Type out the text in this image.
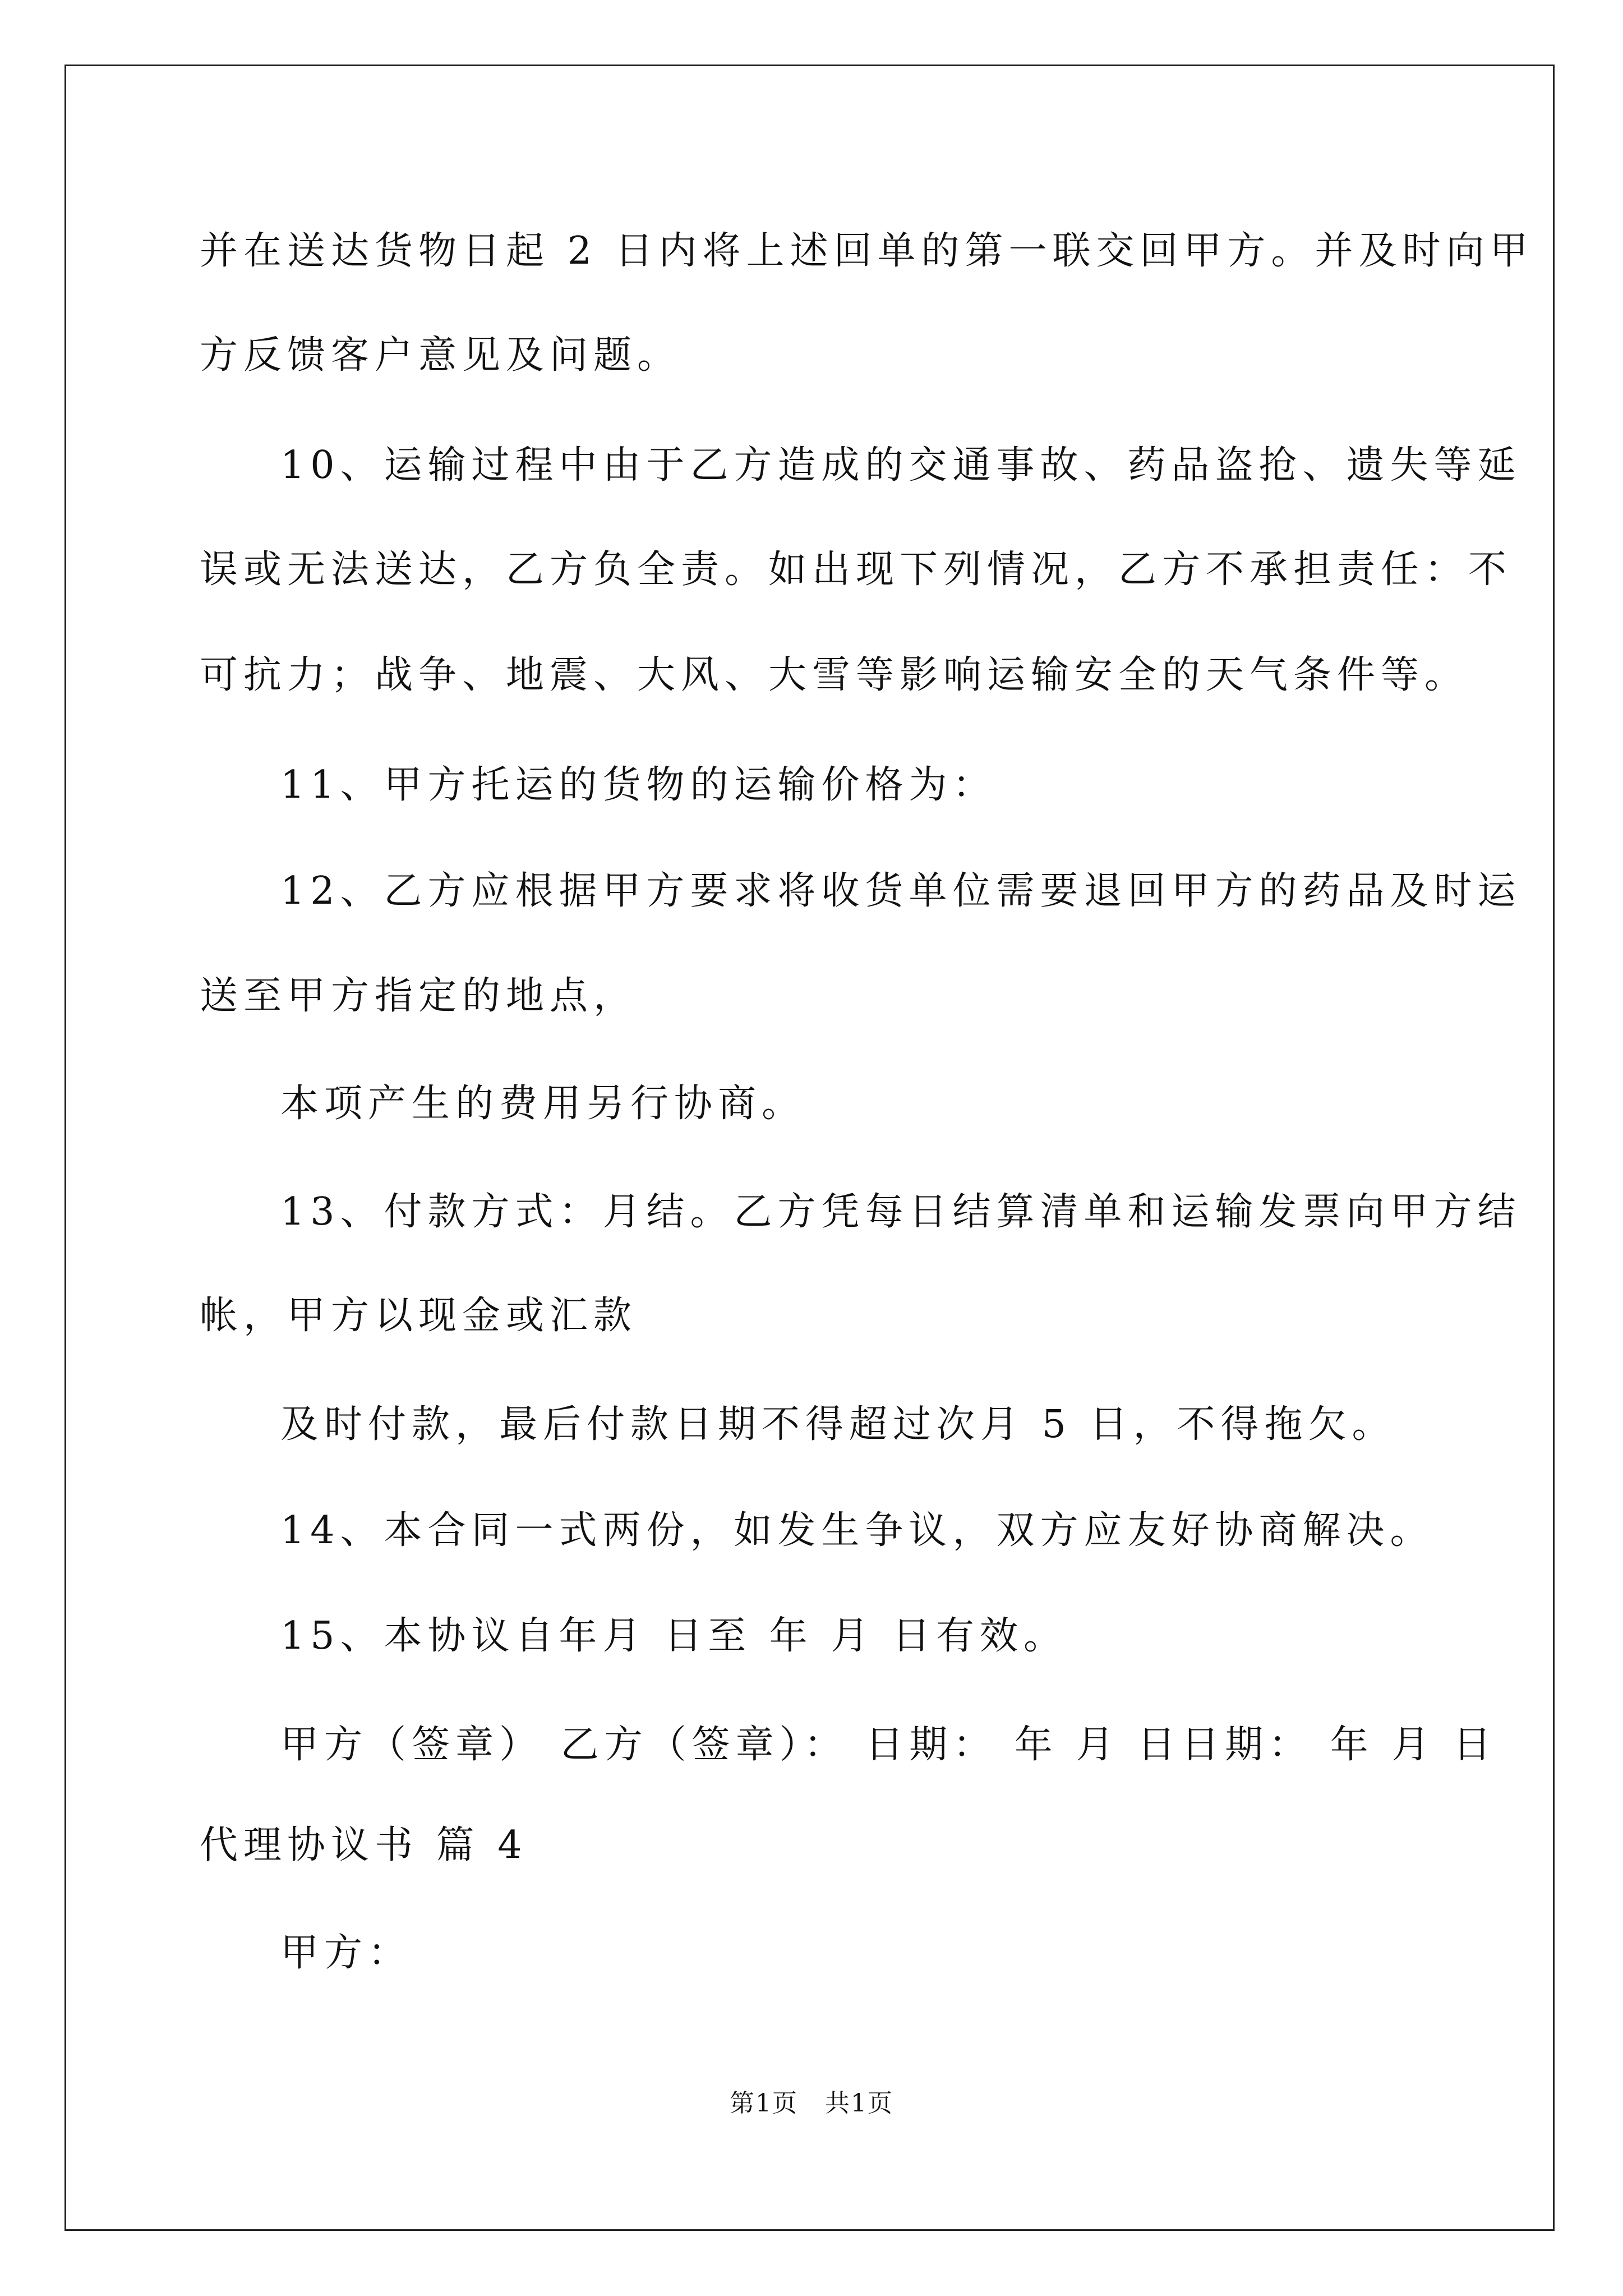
并在送达货物日起 2 日内将上述回单的第一联交回甲方。并及时向甲
方反馈客户意见及问题。
10、运输过程中由于乙方造成的交通事故、药品盗抢、遗失等延
误或无法送达，乙方负全责。如出现下列情况，乙方不承担责任：不
可抗力；战争、地震、大风、大雪等影响运输安全的天气条件等。
11、甲方托运的货物的运输价格为：
12、乙方应根据甲方要求将收货单位需要退回甲方的药品及时运
送至甲方指定的地点，
本项产生的费用另行协商。
13、付款方式：月结。乙方凭每日结算清单和运输发票向甲方结
帐，甲方以现金或汇款
及时付款，最后付款日期不得超过次月 5 日，不得拖欠。
14、本合同一式两份，如发生争议，双方应友好协商解决。
15、本协议自年月 日至 年 月 日有效。
甲方（签章） 乙方（签章）： 日期： 年 月 日日期： 年 月 日
代理协议书 篇 4
甲方：
第1页   共1页
